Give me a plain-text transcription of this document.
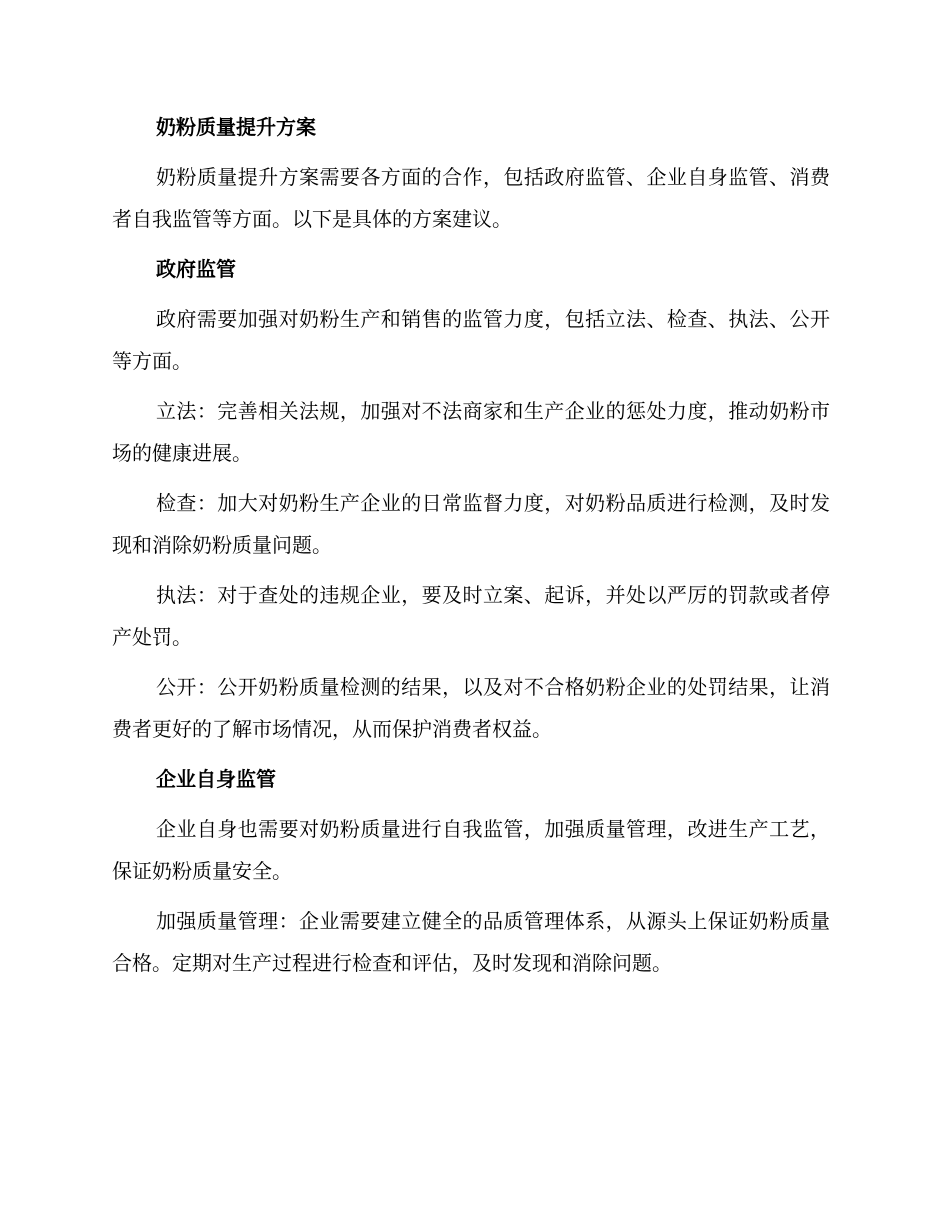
奶粉质量提升方案

奶粉质量提升方案需要各方面的合作，包括政府监管、企业自身监管、消费者自我监管等方面。以下是具体的方案建议。

政府监管

政府需要加强对奶粉生产和销售的监管力度，包括立法、检查、执法、公开等方面。

立法：完善相关法规，加强对不法商家和生产企业的惩处力度，推动奶粉市场的健康进展。

检查：加大对奶粉生产企业的日常监督力度，对奶粉品质进行检测，及时发现和消除奶粉质量问题。

执法：对于查处的违规企业，要及时立案、起诉，并处以严厉的罚款或者停产处罚。

公开：公开奶粉质量检测的结果，以及对不合格奶粉企业的处罚结果，让消费者更好的了解市场情况，从而保护消费者权益。

企业自身监管

企业自身也需要对奶粉质量进行自我监管，加强质量管理，改进生产工艺，保证奶粉质量安全。

加强质量管理：企业需要建立健全的品质管理体系，从源头上保证奶粉质量合格。定期对生产过程进行检查和评估，及时发现和消除问题。
